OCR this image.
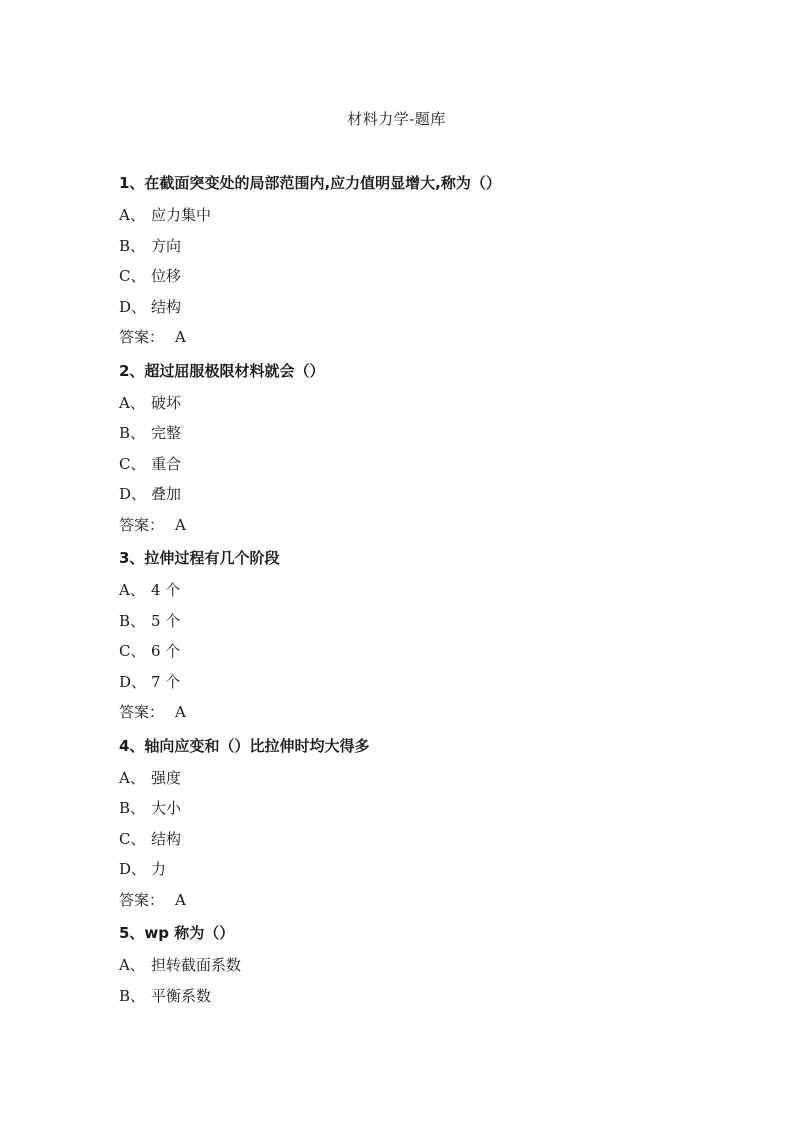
材料力学-题库
1、在截面突变处的局部范围内,应力值明显增大,称为（）
A、 应力集中
B、 方向
C、 位移
D、 结构
答案： A
2、超过屈服极限材料就会（）
A、 破坏
B、 完整
C、 重合
D、 叠加
答案： A
3、拉伸过程有几个阶段
A、 4 个
B、 5 个
C、 6 个
D、 7 个
答案： A
4、轴向应变和（）比拉伸时均大得多
A、 强度
B、 大小
C、 结构
D、 力
答案： A
5、wp 称为（）
A、 担转截面系数
B、 平衡系数
